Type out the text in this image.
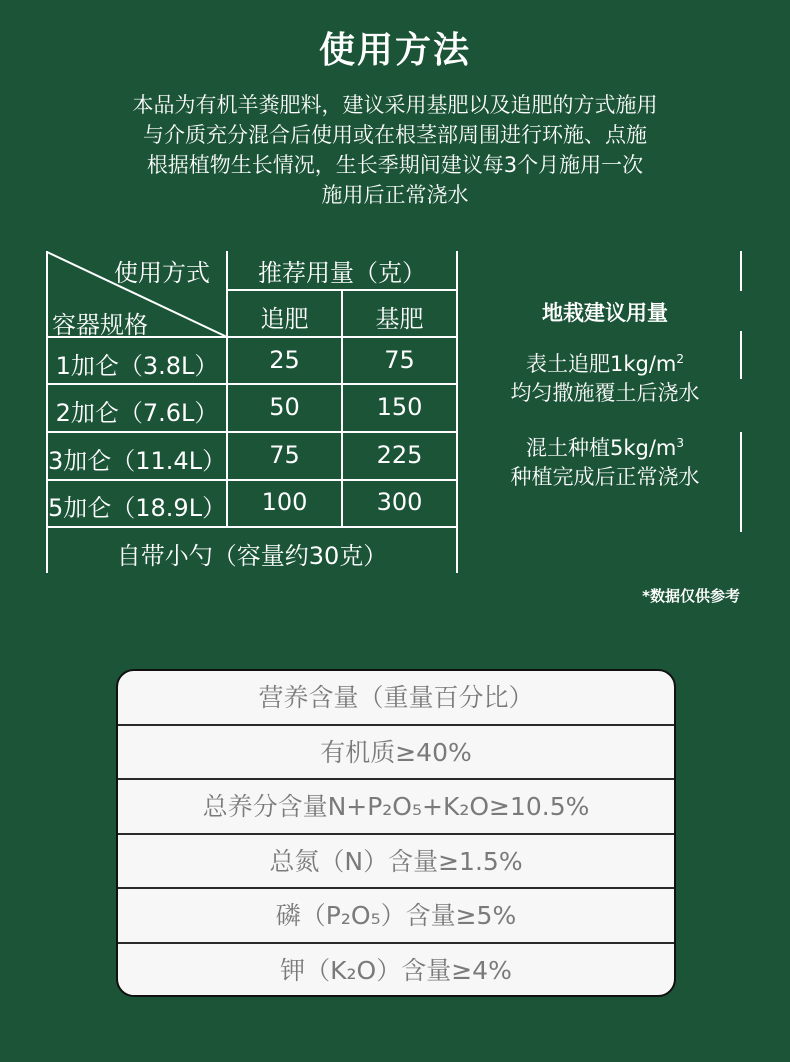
使用方法
本品为有机羊粪肥料，建议采用基肥以及追肥的方式施用
与介质充分混合后使用或在根茎部周围进行环施、点施
根据植物生长情况，生长季期间建议每3个月施用一次
施用后正常浇水
使用方式
容器规格
推荐用量（克）
追肥	基肥
1加仑（3.8L）	25	75
2加仑（7.6L）	50	150
3加仑（11.4L）	75	225
5加仑（18.9L）	100	300
自带小勺（容量约30克）
地栽建议用量
表土追肥$1kg/m^2$
均匀撒施覆土后浇水
混土种植$5kg/m^3$
种植完成后正常浇水
*数据仅供参考
营养含量（重量百分比）
有机质≥40%
总养分含量N+P₂O₅+K₂O≥10.5%
总氮（N）含量≥1.5%
磷（P₂O₅）含量≥5%
钾（K₂O）含量≥4%
